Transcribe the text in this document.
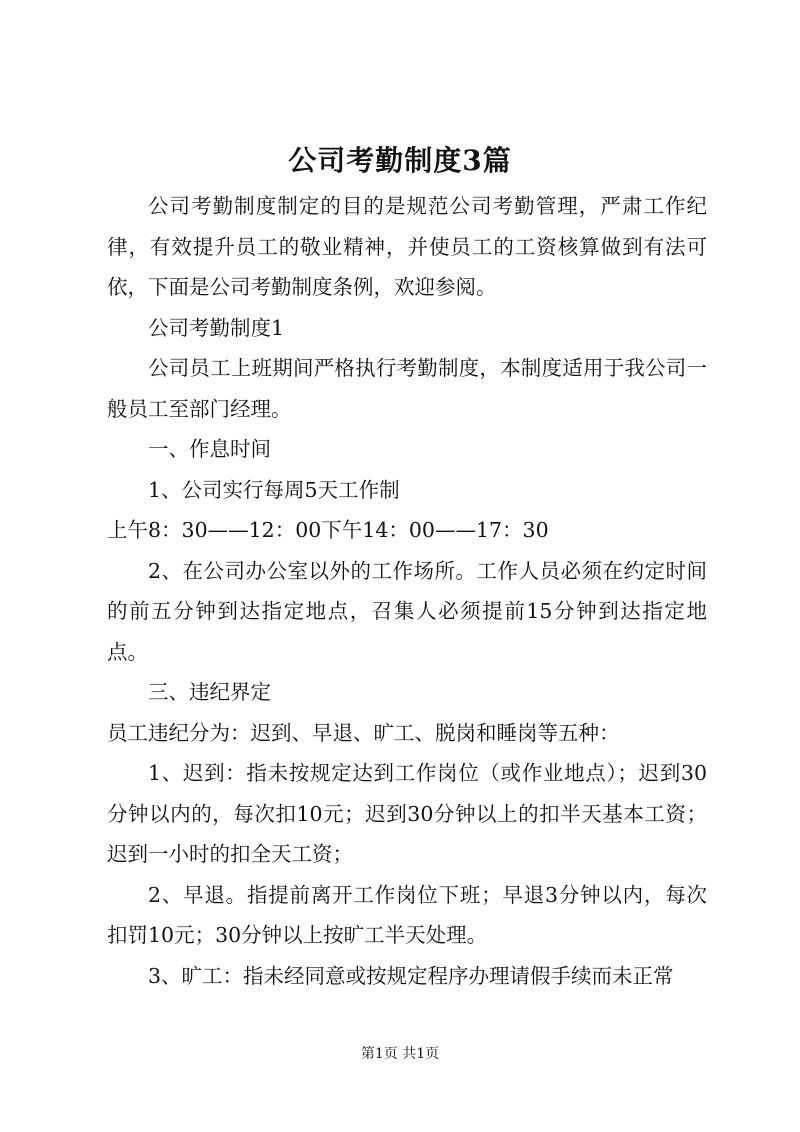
公司考勤制度3篇

公司考勤制度制定的目的是规范公司考勤管理，严肃工作纪律，有效提升员工的敬业精神，并使员工的工资核算做到有法可依，下面是公司考勤制度条例，欢迎参阅。

公司考勤制度1

公司员工上班期间严格执行考勤制度，本制度适用于我公司一般员工至部门经理。

一、作息时间

1、公司实行每周5天工作制

上午8：30——12：00下午14：00——17：30

2、在公司办公室以外的工作场所。工作人员必须在约定时间的前五分钟到达指定地点，召集人必须提前15分钟到达指定地点。

三、违纪界定

员工违纪分为：迟到、早退、旷工、脱岗和睡岗等五种：

1、迟到：指未按规定达到工作岗位（或作业地点）；迟到30分钟以内的，每次扣10元；迟到30分钟以上的扣半天基本工资；迟到一小时的扣全天工资；

2、早退。指提前离开工作岗位下班；早退3分钟以内，每次扣罚10元；30分钟以上按旷工半天处理。

3、旷工：指未经同意或按规定程序办理请假手续而未正常

第1页 共1页
